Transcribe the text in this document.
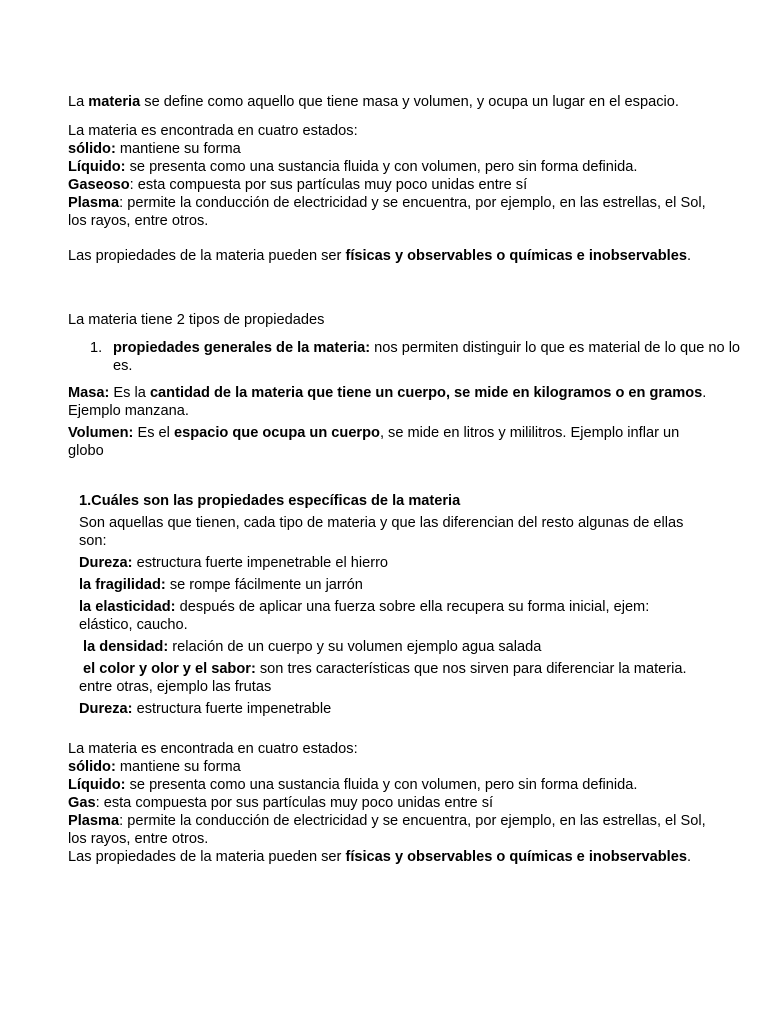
La materia se define como aquello que tiene masa y volumen, y ocupa un lugar en el espacio.

La materia es encontrada en cuatro estados:

sólido: mantiene su forma

Líquido: se presenta como una sustancia fluida y con volumen, pero sin forma definida.

Gaseoso: esta compuesta por sus partículas muy poco unidas entre sí

Plasma: permite la conducción de electricidad y se encuentra, por ejemplo, en las estrellas, el Sol, los rayos, entre otros.

Las propiedades de la materia pueden ser físicas y observables o químicas e inobservables.

La materia tiene 2 tipos de propiedades

1. propiedades generales de la materia: nos permiten distinguir lo que es material de lo que no lo es.

Masa: Es la cantidad de la materia que tiene un cuerpo, se mide en kilogramos o en gramos. Ejemplo manzana.

Volumen: Es el espacio que ocupa un cuerpo, se mide en litros y mililitros. Ejemplo inflar un globo

1.Cuáles son las propiedades específicas de la materia

Son aquellas que tienen, cada tipo de materia y que las diferencian del resto algunas de ellas son:

Dureza: estructura fuerte impenetrable el hierro

la fragilidad: se rompe fácilmente un jarrón

la elasticidad: después de aplicar una fuerza sobre ella recupera su forma inicial, ejem: elástico, caucho.

la densidad: relación de un cuerpo y su volumen ejemplo agua salada

el color y olor y el sabor: son tres características que nos sirven para diferenciar la materia. entre otras, ejemplo las frutas

Dureza: estructura fuerte impenetrable

La materia es encontrada en cuatro estados:

sólido: mantiene su forma

Líquido: se presenta como una sustancia fluida y con volumen, pero sin forma definida.

Gas: esta compuesta por sus partículas muy poco unidas entre sí

Plasma: permite la conducción de electricidad y se encuentra, por ejemplo, en las estrellas, el Sol, los rayos, entre otros.

Las propiedades de la materia pueden ser físicas y observables o químicas e inobservables.
